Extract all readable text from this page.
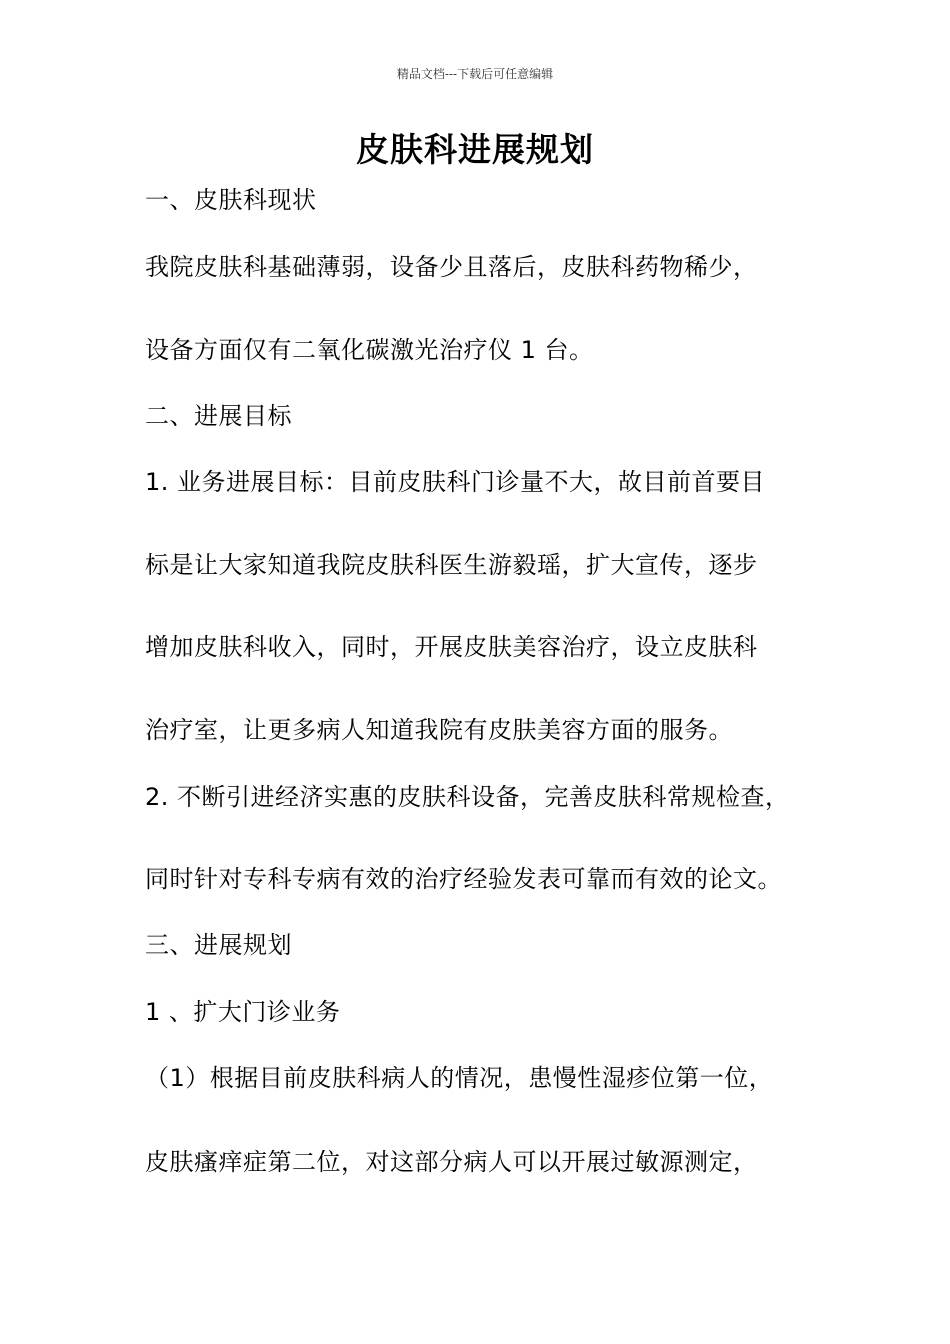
精品文档---下载后可任意编辑
皮肤科进展规划
一、皮肤科现状
我院皮肤科基础薄弱，设备少且落后，皮肤科药物稀少，
设备方面仅有二氧化碳激光治疗仪 1 台。
二、进展目标
1. 业务进展目标：目前皮肤科门诊量不大，故目前首要目
标是让大家知道我院皮肤科医生游毅瑶，扩大宣传，逐步
增加皮肤科收入，同时，开展皮肤美容治疗，设立皮肤科
治疗室，让更多病人知道我院有皮肤美容方面的服务。
2. 不断引进经济实惠的皮肤科设备，完善皮肤科常规检查，
同时针对专科专病有效的治疗经验发表可靠而有效的论文。
三、进展规划
1 、扩大门诊业务
（1）根据目前皮肤科病人的情况，患慢性湿疹位第一位，
皮肤瘙痒症第二位，对这部分病人可以开展过敏源测定，
